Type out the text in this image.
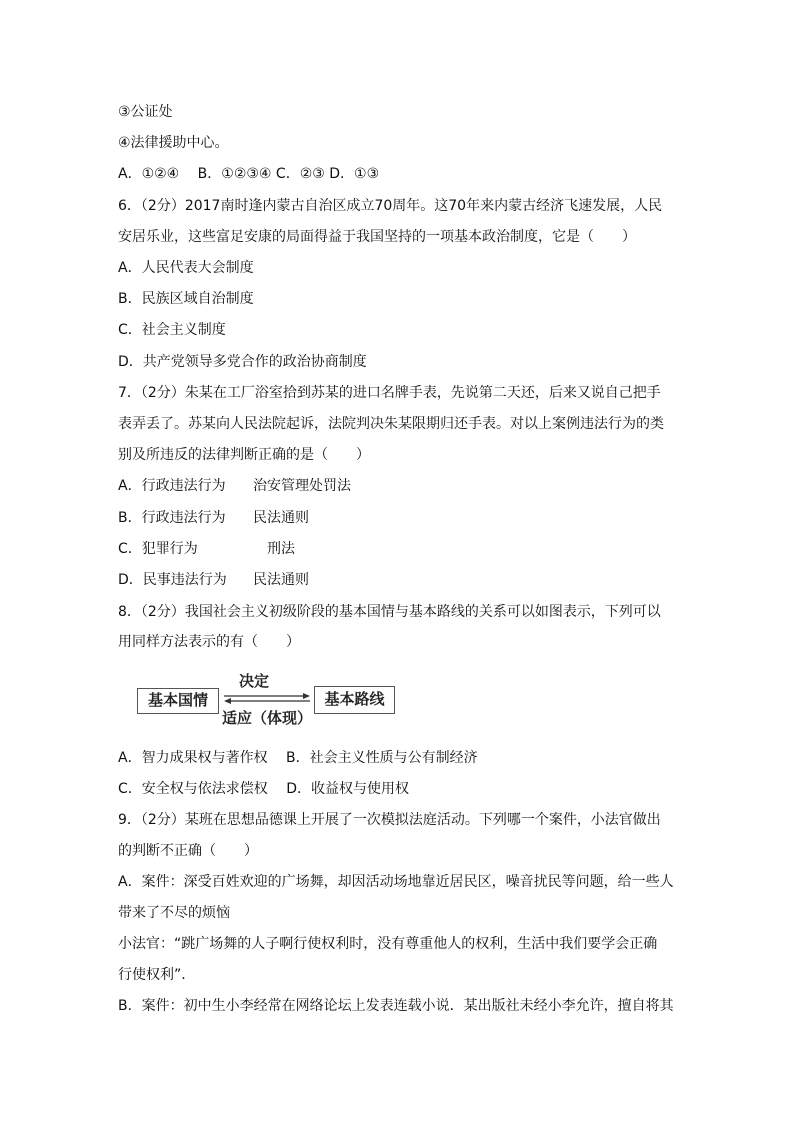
③公证处
④法律援助中心。
A．①②④　 B．①②③④ C．②③ D．①③
6．（2分）2017南时逢内蒙古自治区成立70周年。这70年来内蒙古经济飞速发展，人民
安居乐业，这些富足安康的局面得益于我国坚持的一项基本政治制度，它是（　　）
A．人民代表大会制度
B．民族区域自治制度
C．社会主义制度
D．共产党领导多党合作的政治协商制度
7．（2分）朱某在工厂浴室拾到苏某的进口名牌手表，先说第二天还，后来又说自己把手
表弄丢了。苏某向人民法院起诉，法院判决朱某限期归还手表。对以上案例违法行为的类
别及所违反的法律判断正确的是（　　）
A．行政违法行为 治安管理处罚法
B．行政违法行为 民法通则
C．犯罪行为	刑法
D．民事违法行为 民法通则
8．（2分）我国社会主义初级阶段的基本国情与基本路线的关系可以如图表示，下列可以
用同样方法表示的有（　　）
基本国情	基本路线
决定
适应（体现）
A．智力成果权与著作权　 B．社会主义性质与公有制经济
C．安全权与依法求偿权　 D．收益权与使用权
9．（2分）某班在思想品德课上开展了一次模拟法庭活动。下列哪一个案件，小法官做出
的判断不正确（　　）
A．案件：深受百姓欢迎的广场舞，却因活动场地靠近居民区，噪音扰民等问题，给一些人
带来了不尽的烦恼
小法官：“跳广场舞的人子啊行使权利时，没有尊重他人的权利，生活中我们要学会正确
行使权利”.
B．案件：初中生小李经常在网络论坛上发表连载小说．某出版社未经小李允许，擅自将其
